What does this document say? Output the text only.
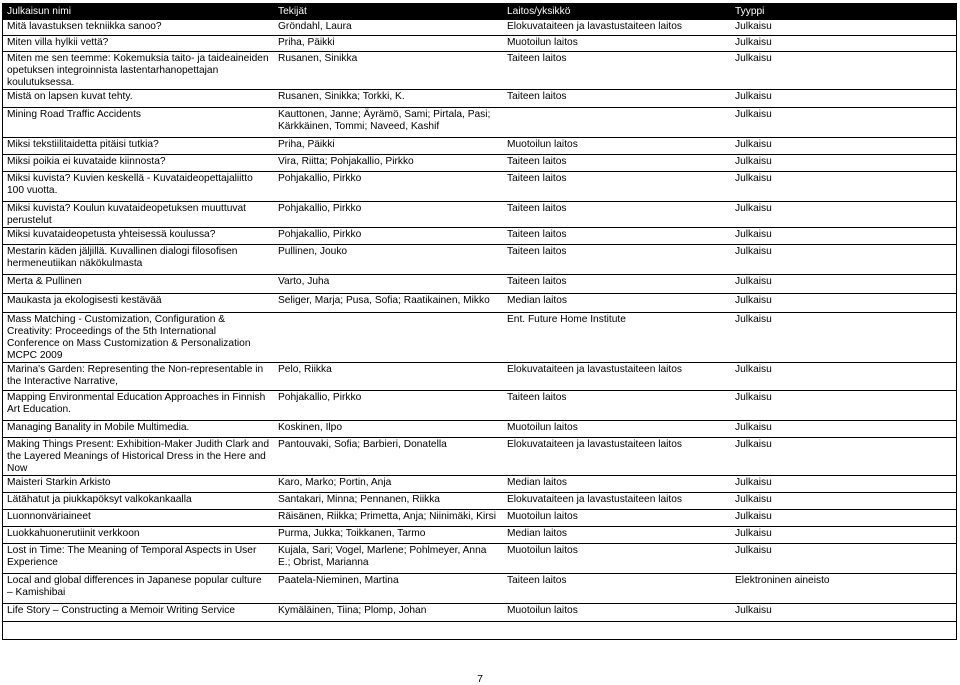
Julkaisun nimi	Tekijät	Laitos/yksikkö	Tyyppi
Mitä lavastuksen tekniikka sanoo?	Gröndahl, Laura	Elokuvataiteen ja lavastustaiteen laitos	Julkaisu
Miten villa hylkii vettä?	Priha, Päikki	Muotoilun laitos	Julkaisu
Miten me sen teemme: Kokemuksia taito- ja taideaineiden opetuksen integroinnista lastentarhanopettajan koulutuksessa.	Rusanen, Sinikka	Taiteen laitos	Julkaisu
Mistä on lapsen kuvat tehty.	Rusanen, Sinikka; Torkki, K.	Taiteen laitos	Julkaisu
Mining Road Traffic Accidents	Kauttonen, Janne; Äyrämö, Sami; Pirtala, Pasi; Kärkkäinen, Tommi; Naveed, Kashif		Julkaisu
Miksi tekstiilitaidetta pitäisi tutkia?	Priha, Päikki	Muotoilun laitos	Julkaisu
Miksi poikia ei kuvataide kiinnosta?	Vira, Riitta; Pohjakallio, Pirkko	Taiteen laitos	Julkaisu
Miksi kuvista? Kuvien keskellä - Kuvataideopettajaliitto 100 vuotta.	Pohjakallio, Pirkko	Taiteen laitos	Julkaisu
Miksi kuvista? Koulun kuvataideopetuksen muuttuvat perustelut	Pohjakallio, Pirkko	Taiteen laitos	Julkaisu
Miksi kuvataideopetusta yhteisessä koulussa?	Pohjakallio, Pirkko	Taiteen laitos	Julkaisu
Mestarin käden jäljillä. Kuvallinen dialogi filosofisen hermeneutiikan näkökulmasta	Pullinen, Jouko	Taiteen laitos	Julkaisu
Merta & Pullinen	Varto, Juha	Taiteen laitos	Julkaisu
Maukasta ja ekologisesti kestävää	Seliger, Marja; Pusa, Sofia; Raatikainen, Mikko	Median laitos	Julkaisu
Mass Matching - Customization, Configuration & Creativity: Proceedings of the 5th International Conference on Mass Customization & Personalization MCPC 2009		Ent. Future Home Institute	Julkaisu
Marina's Garden: Representing the Non-representable in the Interactive Narrative,	Pelo, Riikka	Elokuvataiteen ja lavastustaiteen laitos	Julkaisu
Mapping Environmental Education Approaches in Finnish Art Education.	Pohjakallio, Pirkko	Taiteen laitos	Julkaisu
Managing Banality in Mobile Multimedia.	Koskinen, Ilpo	Muotoilun laitos	Julkaisu
Making Things Present: Exhibition-Maker Judith Clark and the Layered Meanings of Historical Dress in the Here and Now	Pantouvaki, Sofia; Barbieri, Donatella	Elokuvataiteen ja lavastustaiteen laitos	Julkaisu
Maisteri Starkin Arkisto	Karo, Marko; Portin, Anja	Median laitos	Julkaisu
Lätähatut ja piukkapöksyt valkokankaalla	Santakari, Minna; Pennanen, Riikka	Elokuvataiteen ja lavastustaiteen laitos	Julkaisu
Luonnonväriaineet	Räisänen, Riikka; Primetta, Anja; Niinimäki, Kirsi	Muotoilun laitos	Julkaisu
Luokkahuonerutiinit verkkoon	Purma, Jukka; Toikkanen, Tarmo	Median laitos	Julkaisu
Lost in Time: The Meaning of Temporal Aspects in User Experience	Kujala, Sari; Vogel, Marlene; Pohlmeyer, Anna E.; Obrist, Marianna	Muotoilun laitos	Julkaisu
Local and global differences in Japanese popular culture – Kamishibai	Paatela-Nieminen, Martina	Taiteen laitos	Elektroninen aineisto
Life Story – Constructing a Memoir Writing Service	Kymäläinen, Tiina; Plomp, Johan	Muotoilun laitos	Julkaisu
7
